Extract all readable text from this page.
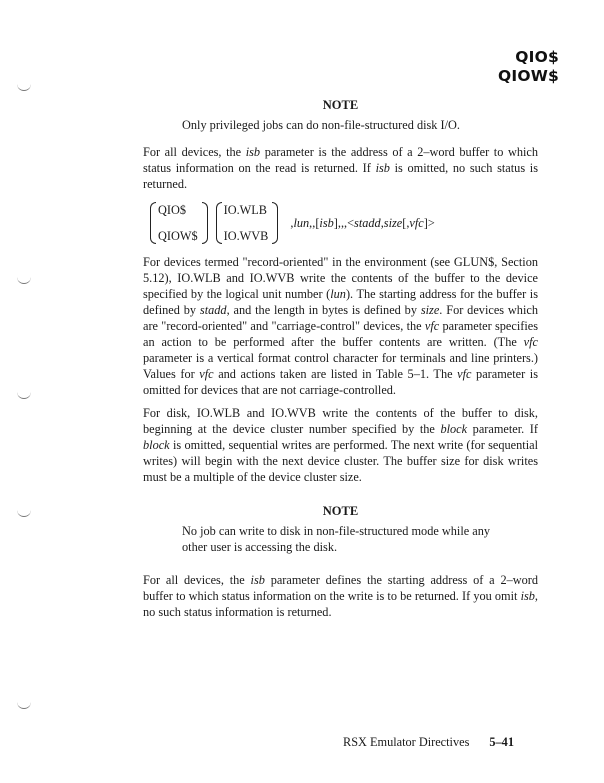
QIO$
QIOW$
NOTE
Only privileged jobs can do non-file-structured disk I/O.

For all devices, the isb parameter is the address of a 2–word buffer to which status information on the read is returned. If isb is omitted, no such status is returned.

QIO$
QIOW$
IO.WLB
IO.WVB
,lun,,[isb],,,<stadd,size[,vfc]>

For devices termed "record-oriented" in the environment (see GLUN$, Section 5.12), IO.WLB and IO.WVB write the contents of the buffer to the device specified by the logical unit number (lun). The starting address for the buffer is defined by stadd, and the length in bytes is defined by size. For devices which are "record-oriented" and "carriage-control" devices, the vfc parameter specifies an action to be performed after the buffer contents are written. (The vfc parameter is a vertical format control character for terminals and line printers.) Values for vfc and actions taken are listed in Table 5–1. The vfc parameter is omitted for devices that are not carriage-controlled.

For disk, IO.WLB and IO.WVB write the contents of the buffer to disk, beginning at the device cluster number specified by the block parameter. If block is omitted, sequential writes are performed. The next write (for sequential writes) will begin with the next device cluster. The buffer size for disk writes must be a multiple of the device cluster size.

NOTE
No job can write to disk in non-file-structured mode while any other user is accessing the disk.

For all devices, the isb parameter defines the starting address of a 2–word buffer to which status information on the write is to be returned. If you omit isb, no such status information is returned.

RSX Emulator Directives 5–41
